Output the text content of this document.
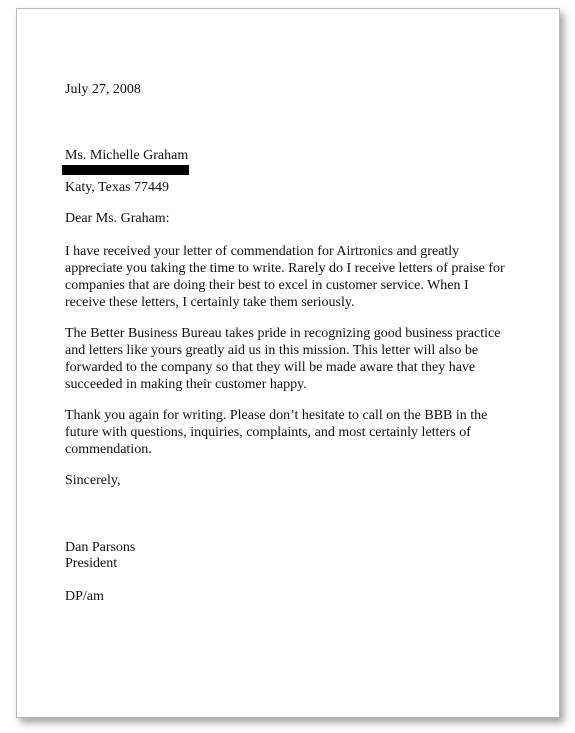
July 27, 2008
Ms. Michelle Graham
Katy, Texas 77449
Dear Ms. Graham:
I have received your letter of commendation for Airtronics and greatly
appreciate you taking the time to write. Rarely do I receive letters of praise for
companies that are doing their best to excel in customer service. When I
receive these letters, I certainly take them seriously.
The Better Business Bureau takes pride in recognizing good business practice
and letters like yours greatly aid us in this mission. This letter will also be
forwarded to the company so that they will be made aware that they have
succeeded in making their customer happy.
Thank you again for writing. Please don’t hesitate to call on the BBB in the
future with questions, inquiries, complaints, and most certainly letters of
commendation.
Sincerely,
Dan Parsons
President
DP/am
